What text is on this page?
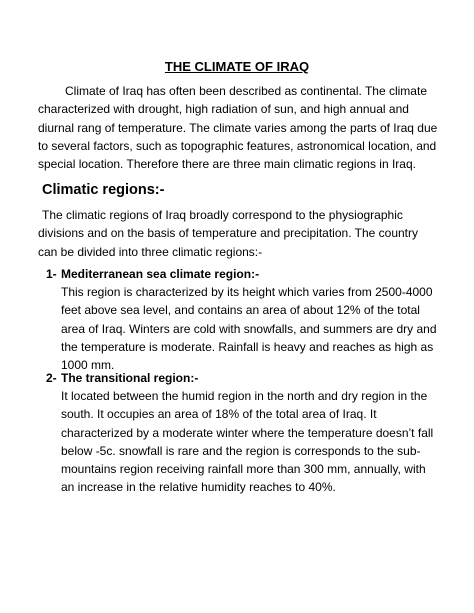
THE CLIMATE OF IRAQ

Climate of Iraq has often been described as continental. The climate characterized with drought, high radiation of sun, and high annual and diurnal rang of temperature. The climate varies among the parts of Iraq due to several factors, such as topographic features, astronomical location, and special location. Therefore there are three main climatic regions in Iraq.

Climatic regions:-

The climatic regions of Iraq broadly correspond to the physiographic divisions and on the basis of temperature and precipitation. The country can be divided into three climatic regions:-

1- Mediterranean sea climate region:-

This region is characterized by its height which varies from 2500-4000 feet above sea level, and contains an area of about 12% of the total area of Iraq. Winters are cold with snowfalls, and summers are dry and the temperature is moderate. Rainfall is heavy and reaches as high as 1000 mm.

2- The transitional region:-

It located between the humid region in the north and dry region in the south. It occupies an area of 18% of the total area of Iraq. It characterized by a moderate winter where the temperature doesn’t fall below -5c. snowfall is rare and the region is corresponds to the sub-mountains region receiving rainfall more than 300 mm, annually, with an increase in the relative humidity reaches to 40%.
